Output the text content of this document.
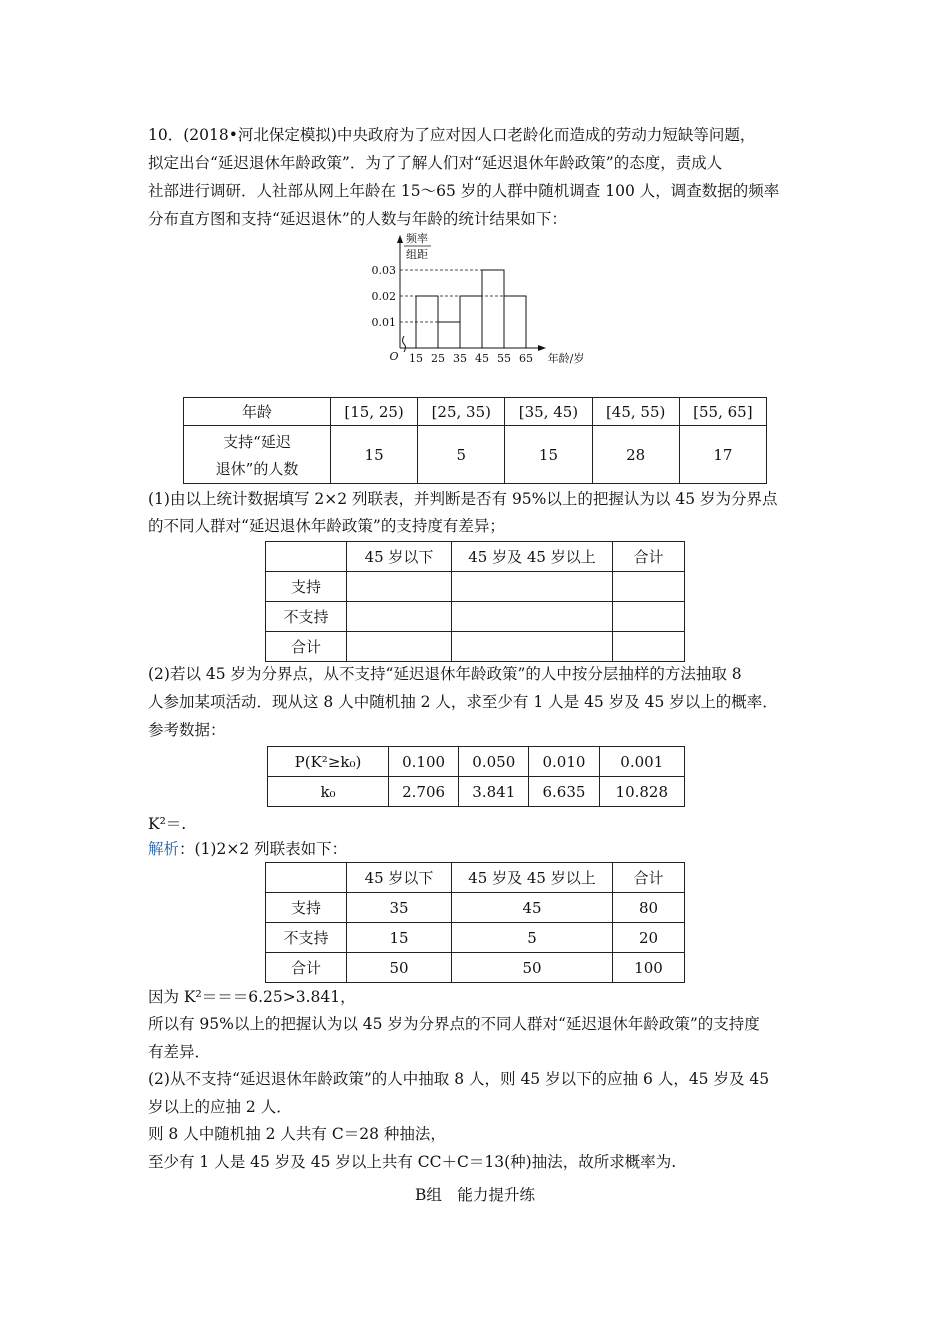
10．(2018•河北保定模拟)中央政府为了应对因人口老龄化而造成的劳动力短缺等问题，
拟定出台“延迟退休年龄政策”．为了了解人们对“延迟退休年龄政策”的态度，责成人
社部进行调研．人社部从网上年龄在 15～65 岁的人群中随机调查 100 人，调查数据的频率
分布直方图和支持“延迟退休”的人数与年龄的统计结果如下：
0.01
0.02
0.03
15 25 35 45 55 65
O	年龄/岁
频率
组距
年龄	[15, 25)	[25, 35)	[35, 45)	[45, 55)	[55, 65]

支持“延迟
退休”的人数	15	5	15	28	17
(1)由以上统计数据填写 2×2 列联表，并判断是否有 95%以上的把握认为以 45 岁为分界点
的不同人群对“延迟退休年龄政策”的支持度有差异；
	45 岁以下	45 岁及 45 岁以上	合计
支持			
不支持			
合计			
(2)若以 45 岁为分界点，从不支持“延迟退休年龄政策”的人中按分层抽样的方法抽取 8
人参加某项活动．现从这 8 人中随机抽 2 人，求至少有 1 人是 45 岁及 45 岁以上的概率．
参考数据：
P(K²≥k₀)	0.100	0.050	0.010	0.001
k₀	2.706	3.841	6.635	10.828
K²＝.
解析：(1)2×2 列联表如下：
	45 岁以下	45 岁及 45 岁以上	合计
支持	35	45	80
不支持	15	5	20
合计	50	50	100
因为 K²＝＝＝6.25>3.841，
所以有 95%以上的把握认为以 45 岁为分界点的不同人群对“延迟退休年龄政策”的支持度
有差异．
(2)从不支持“延迟退休年龄政策”的人中抽取 8 人，则 45 岁以下的应抽 6 人，45 岁及 45
岁以上的应抽 2 人．
则 8 人中随机抽 2 人共有 C＝28 种抽法，
至少有 1 人是 45 岁及 45 岁以上共有 CC＋C＝13(种)抽法，故所求概率为.
B组　能力提升练
